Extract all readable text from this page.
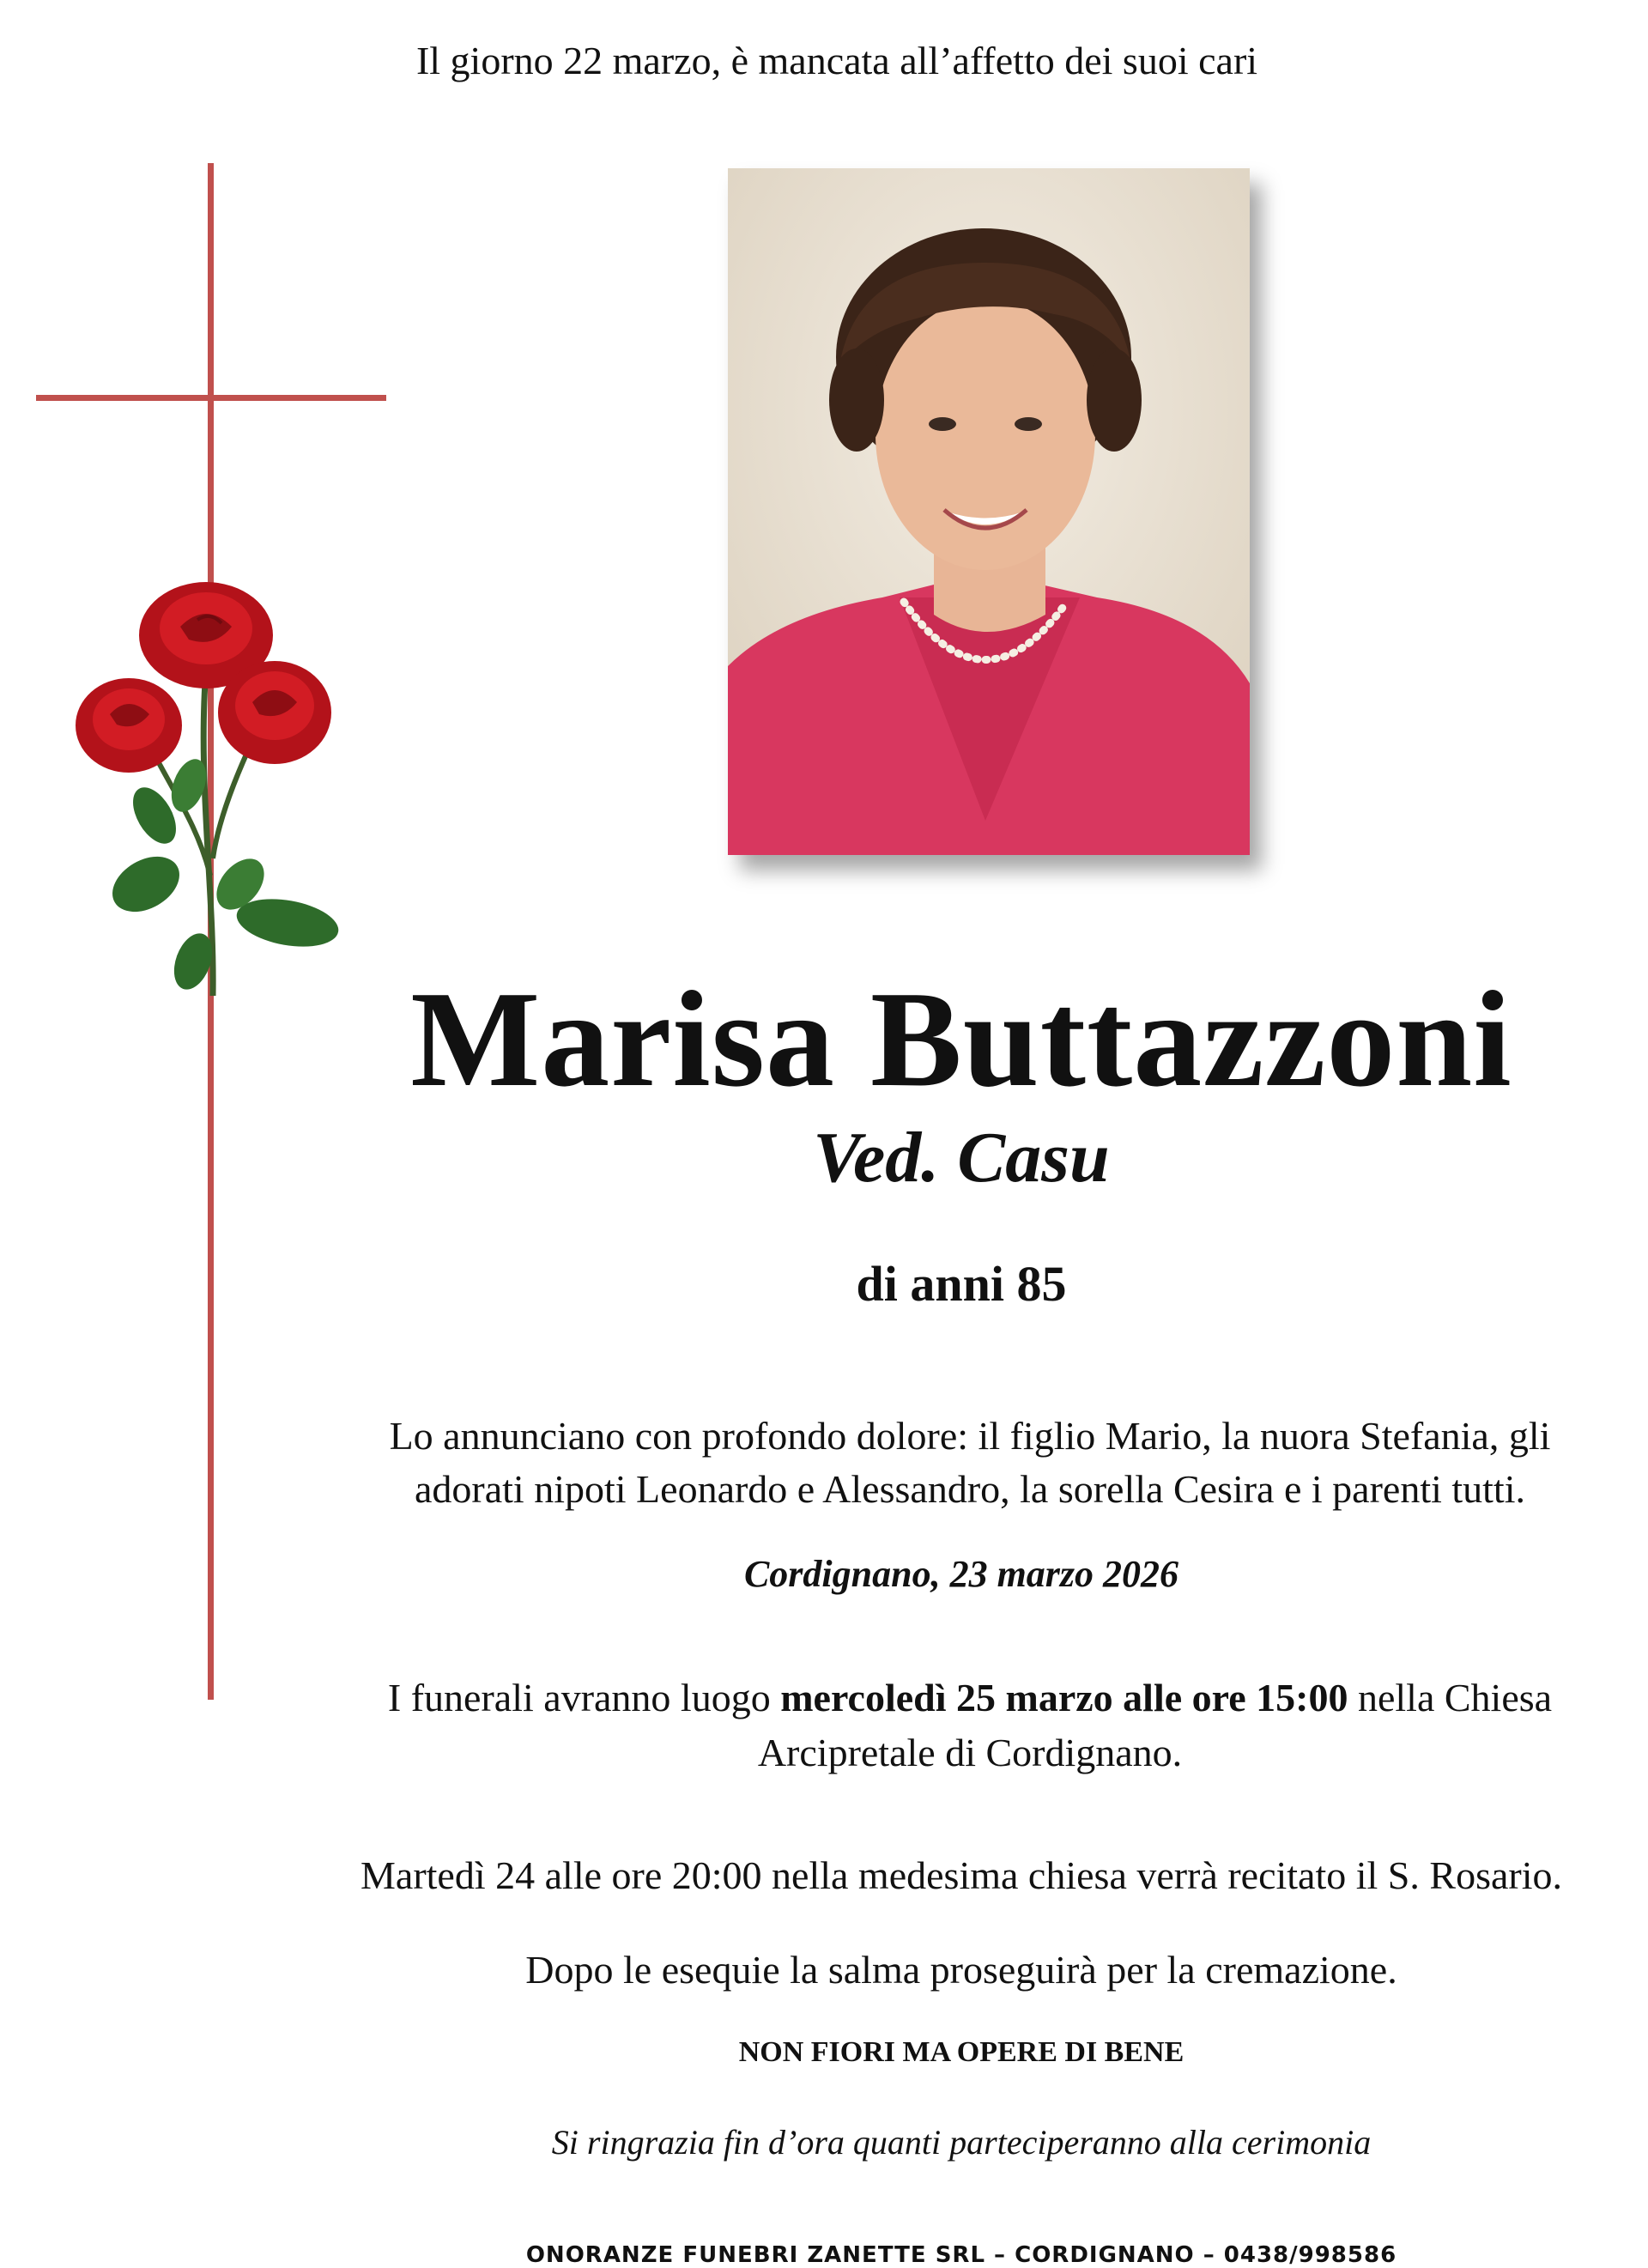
Il giorno 22 marzo, è mancata all’affetto dei suoi cari
Marisa Buttazzoni
Ved. Casu
di anni 85
Lo annunciano con profondo dolore: il figlio Mario, la nuora Stefania, gli adorati nipoti Leonardo e Alessandro, la sorella Cesira e i parenti tutti.
Cordignano, 23 marzo 2026
I funerali avranno luogo mercoledì 25 marzo alle ore 15:00 nella Chiesa Arcipretale di Cordignano.
Martedì 24 alle ore 20:00 nella medesima chiesa verrà recitato il S. Rosario.
Dopo le esequie la salma proseguirà per la cremazione.
NON FIORI MA OPERE DI BENE
Si ringrazia fin d’ora quanti parteciperanno alla cerimonia
ONORANZE FUNEBRI ZANETTE SRL – CORDIGNANO – 0438/998586
